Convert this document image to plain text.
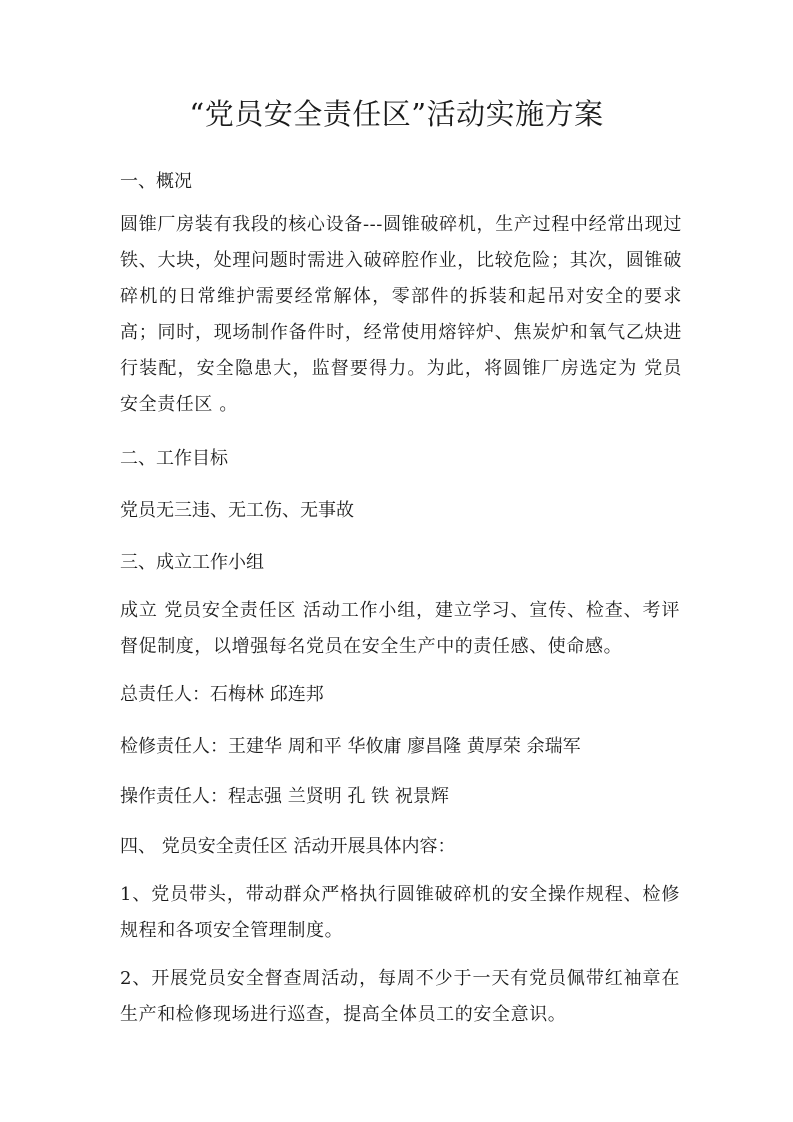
“党员安全责任区”活动实施方案

一、概况

圆锥厂房装有我段的核心设备---圆锥破碎机，生产过程中经常出现过铁、大块，处理问题时需进入破碎腔作业，比较危险；其次，圆锥破碎机的日常维护需要经常解体，零部件的拆装和起吊对安全的要求高；同时，现场制作备件时，经常使用熔锌炉、焦炭炉和氧气乙炔进行装配，安全隐患大，监督要得力。为此，将圆锥厂房选定为 党员安全责任区 。

二、工作目标

党员无三违、无工伤、无事故

三、成立工作小组

成立 党员安全责任区 活动工作小组，建立学习、宣传、检查、考评督促制度，以增强每名党员在安全生产中的责任感、使命感。

总责任人：石梅林 邱连邦

检修责任人：王建华 周和平 华攸庸 廖昌隆 黄厚荣 余瑞军

操作责任人：程志强 兰贤明 孔 铁 祝景辉

四、 党员安全责任区 活动开展具体内容：

1、党员带头，带动群众严格执行圆锥破碎机的安全操作规程、检修规程和各项安全管理制度。

2、开展党员安全督查周活动，每周不少于一天有党员佩带红袖章在生产和检修现场进行巡查，提高全体员工的安全意识。
